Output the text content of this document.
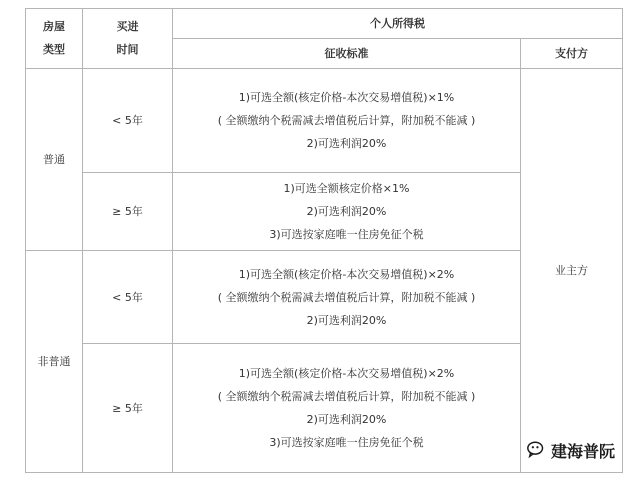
房屋类型	买进时间	个人所得税	
		征收标准	支付方
普通	< 5年	1)可选全额(核定价格-本次交易增值税)×1%
( 全额缴纳个税需减去增值税后计算，附加税不能减 )
2)可选利润20%	业主方
	≥ 5年	1)可选全额核定价格×1%
2)可选利润20%
3)可选按家庭唯一住房免征个税	

非普通	< 5年	1)可选全额(核定价格-本次交易增值税)×2%
( 全额缴纳个税需减去增值税后计算，附加税不能减 )
2)可选利润20%	

	≥ 5年	1)可选全额(核定价格-本次交易增值税)×2%
( 全额缴纳个税需减去增值税后计算，附加税不能减 )
2)可选利润20%
3)可选按家庭唯一住房免征个税		建海普阮
